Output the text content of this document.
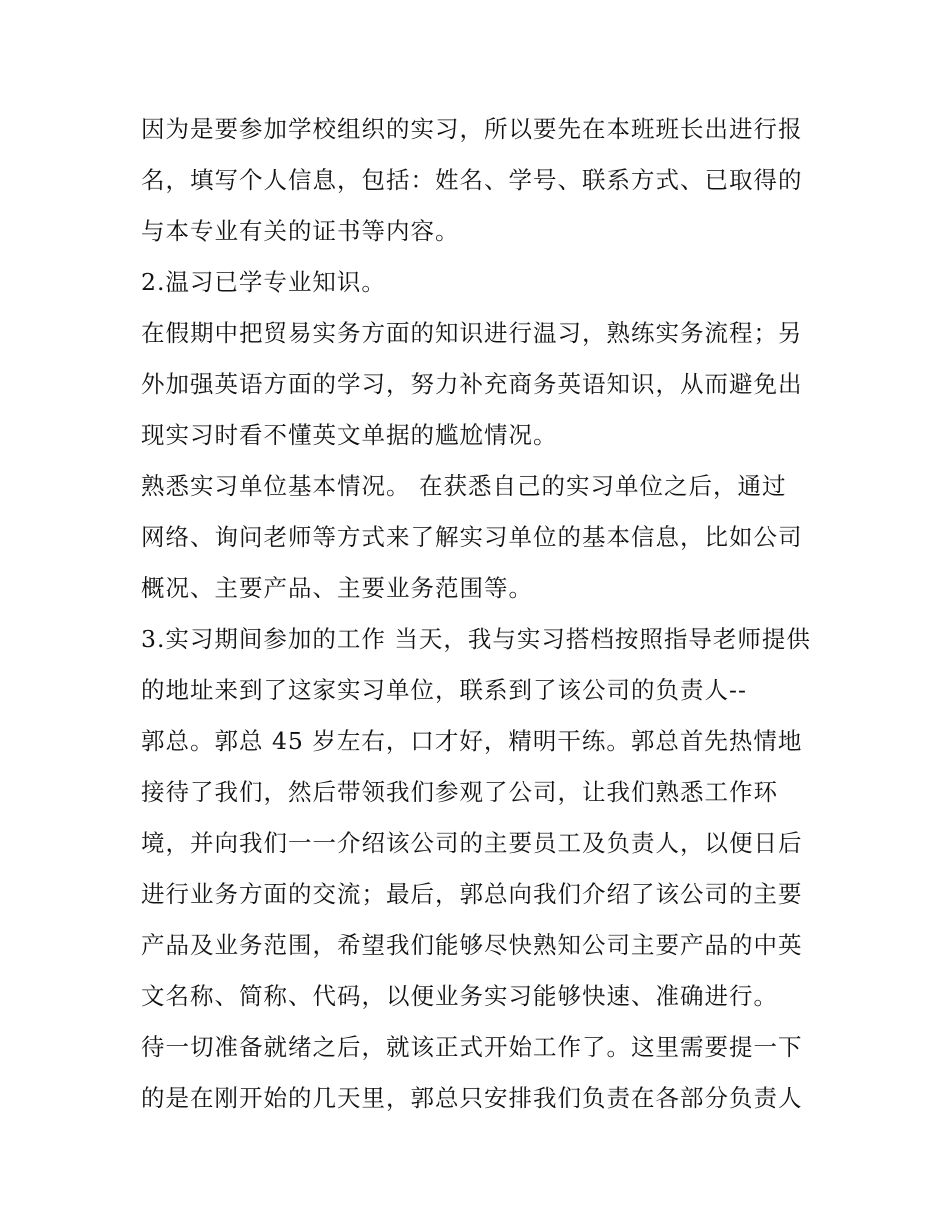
因为是要参加学校组织的实习，所以要先在本班班长出进行报
名，填写个人信息，包括：姓名、学号、联系方式、已取得的
与本专业有关的证书等内容。
2.温习已学专业知识。
在假期中把贸易实务方面的知识进行温习，熟练实务流程；另
外加强英语方面的学习，努力补充商务英语知识，从而避免出
现实习时看不懂英文单据的尴尬情况。
熟悉实习单位基本情况。 在获悉自己的实习单位之后，通过
网络、询问老师等方式来了解实习单位的基本信息，比如公司
概况、主要产品、主要业务范围等。
3.实习期间参加的工作 当天，我与实习搭档按照指导老师提供
的地址来到了这家实习单位，联系到了该公司的负责人--
郭总。郭总 45 岁左右，口才好，精明干练。郭总首先热情地
接待了我们，然后带领我们参观了公司，让我们熟悉工作环
境，并向我们一一介绍该公司的主要员工及负责人，以便日后
进行业务方面的交流；最后，郭总向我们介绍了该公司的主要
产品及业务范围，希望我们能够尽快熟知公司主要产品的中英
文名称、简称、代码，以便业务实习能够快速、准确进行。
待一切准备就绪之后，就该正式开始工作了。这里需要提一下
的是在刚开始的几天里，郭总只安排我们负责在各部分负责人
